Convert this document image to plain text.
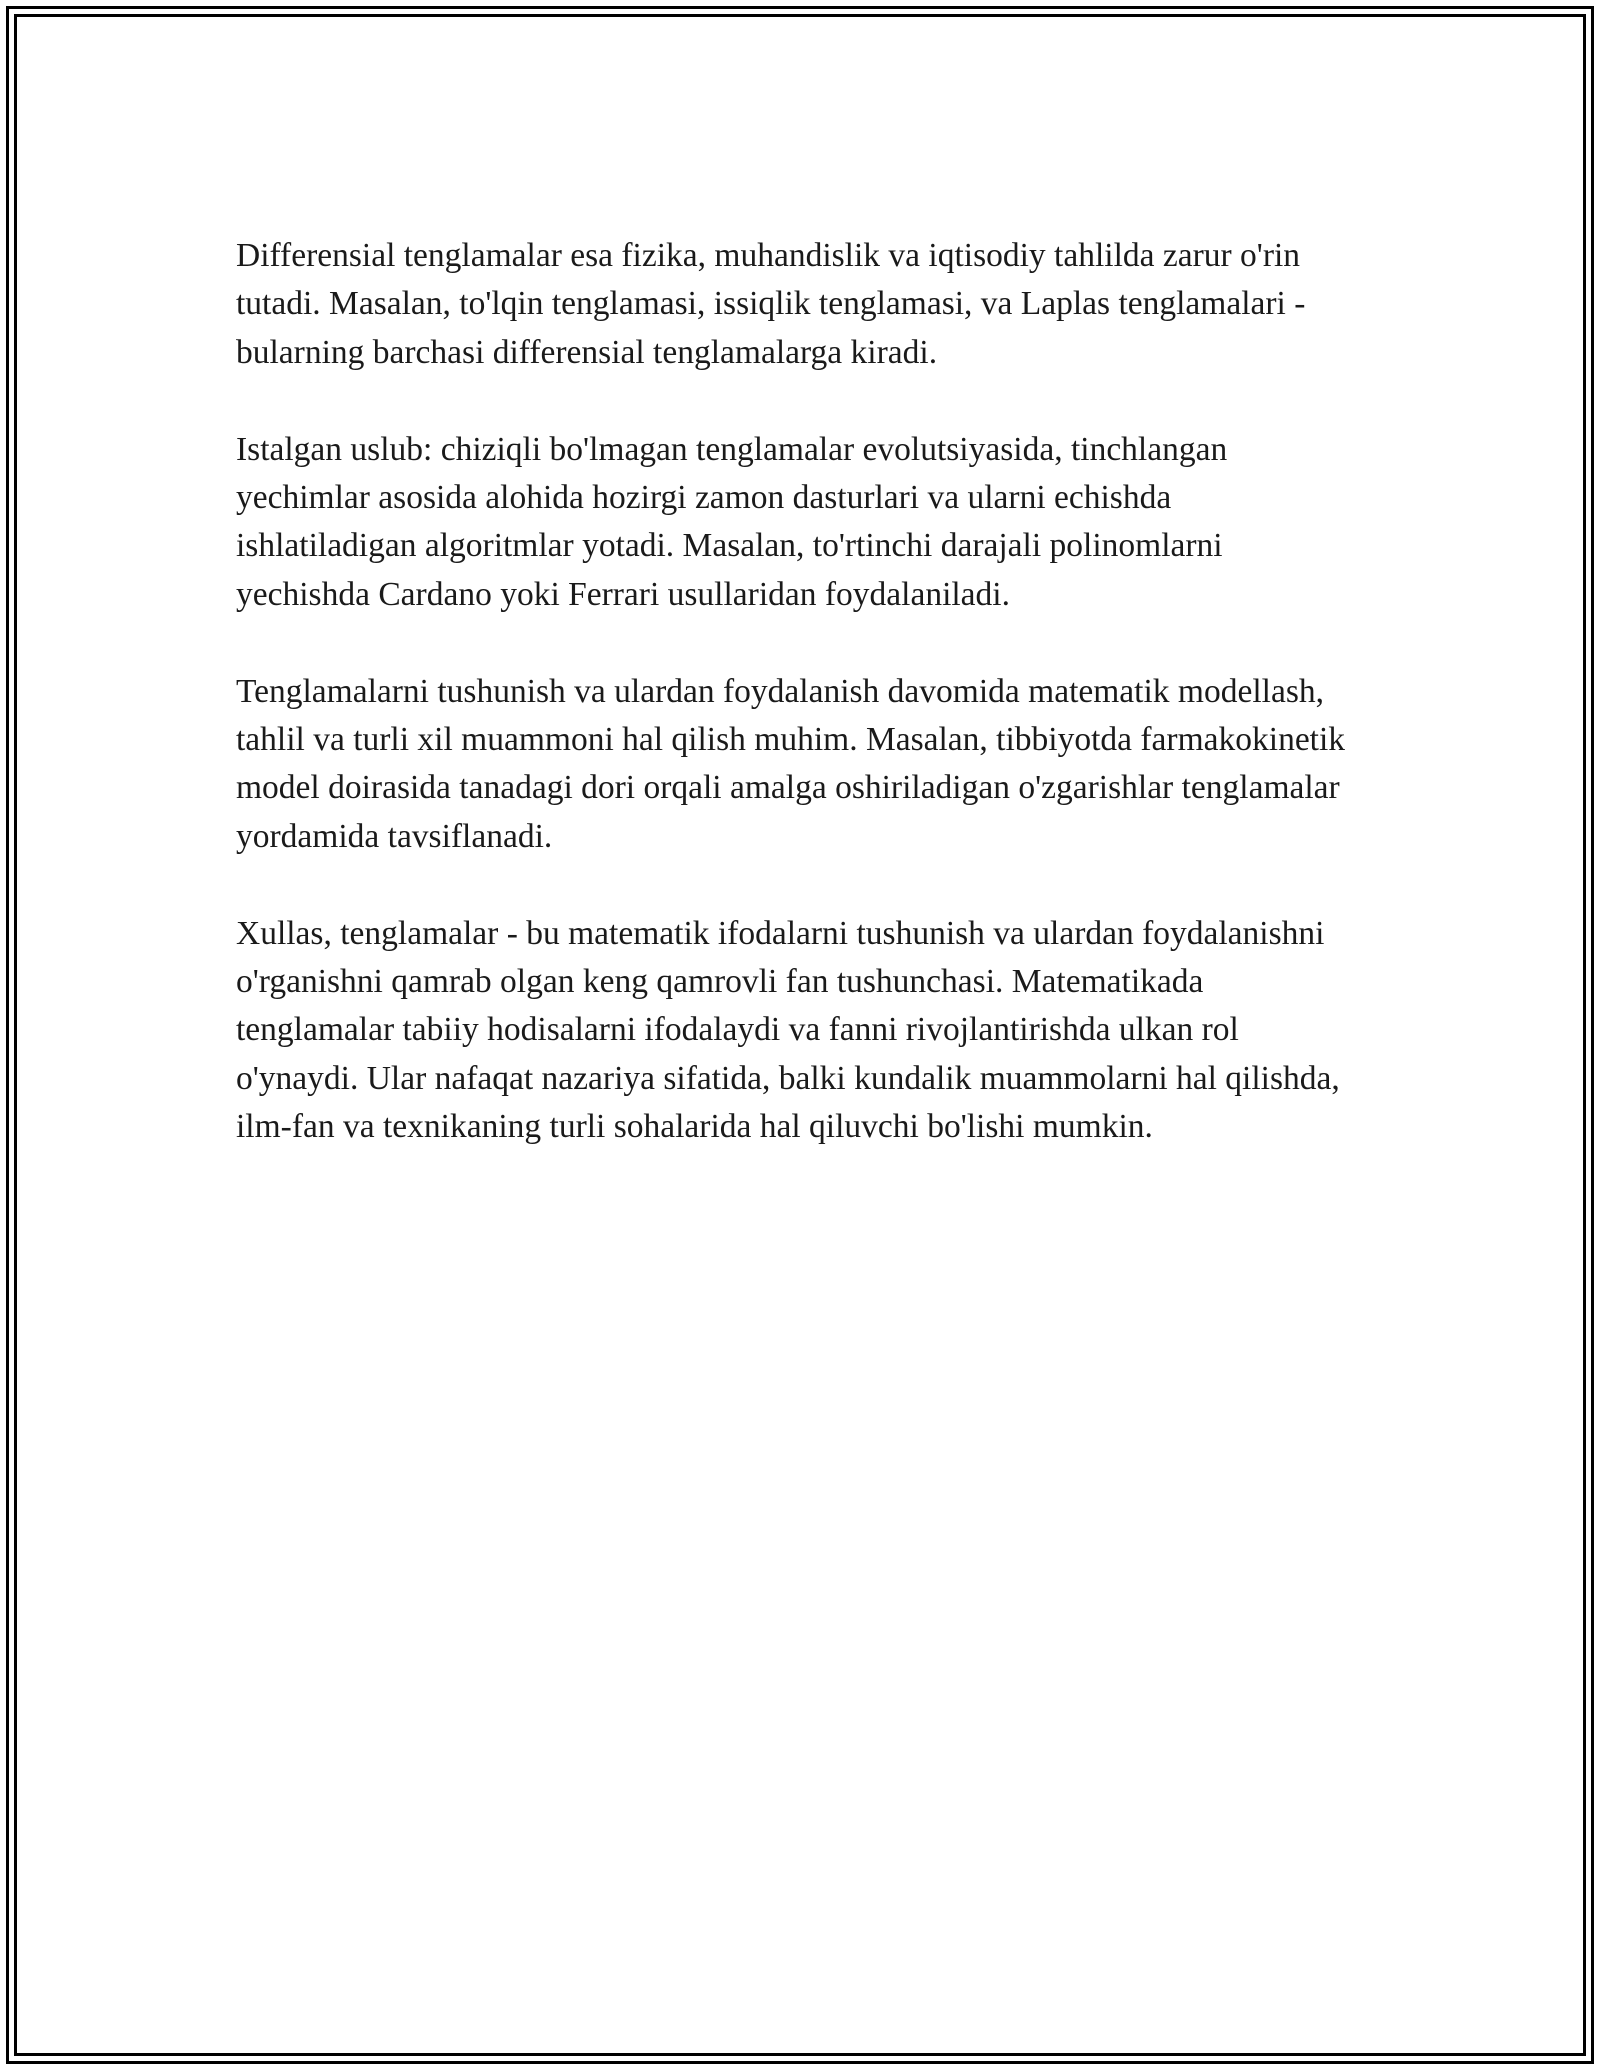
Differensial tenglamalar esa fizika, muhandislik va iqtisodiy tahlilda zarur o'rin tutadi. Masalan, to'lqin tenglamasi, issiqlik tenglamasi, va Laplas tenglamalari - bularning barchasi differensial tenglamalarga kiradi.

Istalgan uslub: chiziqli bo'lmagan tenglamalar evolutsiyasida, tinchlangan yechimlar asosida alohida hozirgi zamon dasturlari va ularni echishda ishlatiladigan algoritmlar yotadi. Masalan, to'rtinchi darajali polinomlarni yechishda Cardano yoki Ferrari usullaridan foydalaniladi.

Tenglamalarni tushunish va ulardan foydalanish davomida matematik modellash, tahlil va turli xil muammoni hal qilish muhim. Masalan, tibbiyotda farmakokinetik model doirasida tanadagi dori orqali amalga oshiriladigan o'zgarishlar tenglamalar yordamida tavsiflanadi.

Xullas, tenglamalar - bu matematik ifodalarni tushunish va ulardan foydalanishni o'rganishni qamrab olgan keng qamrovli fan tushunchasi. Matematikada tenglamalar tabiiy hodisalarni ifodalaydi va fanni rivojlantirishda ulkan rol o'ynaydi. Ular nafaqat nazariya sifatida, balki kundalik muammolarni hal qilishda, ilm-fan va texnikaning turli sohalarida hal qiluvchi bo'lishi mumkin.
